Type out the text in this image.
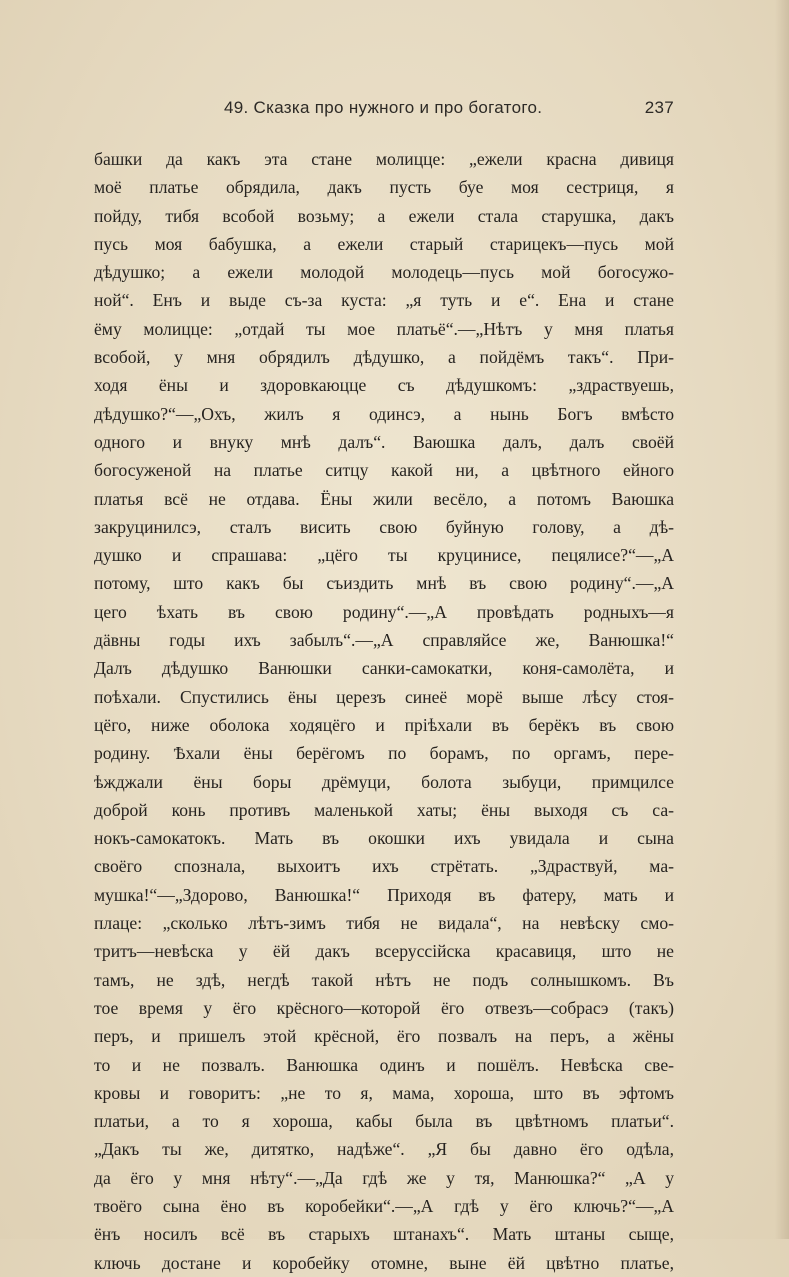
49. Сказка про нужного и про богатого.	237
башки да какъ эта стане молицце: „ежели красна дивиця
моё платье обрядила, дакъ пусть буе моя сестриця, я
пойду, тибя всобой возьму; а ежели стала старушка, дакъ
пусь моя бабушка, а ежели старый старицекъ—пусь мой
дѣдушко; а ежели молодой молодець—пусь мой богосужо-
ной“. Енъ и выде съ-за куста: „я туть и е“. Ена и стане
ёму молицце: „отдай ты мое платьё“.—„Нѣтъ у мня платья
всобой, у мня обрядилъ дѣдушко, а пойдёмъ такъ“. При-
ходя ёны и здоровкаюцце съ дѣдушкомъ: „здраствуешь,
дѣдушко?“—„Охъ, жилъ я одинсэ, а нынь Богъ вмѣсто
одного и внуку мнѣ далъ“. Ваюшка далъ, далъ своёй
богосуженой на платье ситцу какой ни, а цвѣтного ейного
платья всё не отдава. Ёны жили весёло, а потомъ Ваюшка
закруцинилсэ, сталъ висить свою буйную голову, а дѣ-
душко и спрашава: „цёго ты круцинисе, пецялисе?“—„А
потому, што какъ бы съиздить мнѣ въ свою родину“.—„А
цего ѣхать въ свою родину“.—„А провѣдать родныхъ—я
дäвны годы ихъ забылъ“.—„А справляйсе же, Ванюшка!“
Далъ дѣдушко Ванюшки санки-самокатки, коня-самолёта, и
поѣхали. Спустились ёны церезъ синеё морё выше лѣсу стоя-
цёго, ниже оболока ходяцёго и пріѣхали въ берёкъ въ свою
родину. Ѣхали ёны берёгомъ по борамъ, по оргамъ, пере-
ѣжджали ёны боры дрёмуци, болота зыбуци, примцилсе
доброй конь противъ маленькой хаты; ёны выходя съ са-
нокъ-самокатокъ. Мать въ окошки ихъ увидала и сына
своёго спознала, выхоитъ ихъ стрётать. „Здраствуй, ма-
мушка!“—„Здорово, Ванюшка!“ Приходя въ фатеру, мать и
плаце: „сколько лѣтъ-зимъ тибя не видала“, на невѣску смо-
тритъ—невѣска у ёй дакъ всеруссійска красавиця, што не
тамъ, не здѣ, негдѣ такой нѣтъ не подъ солнышкомъ. Въ
тое время у ёго крёсного—которой ёго отвезъ—собрасэ (такъ)
перъ, и пришелъ этой крёсной, ёго позвалъ на перъ, а жёны
то и не позвалъ. Ванюшка одинъ и пошёлъ. Невѣска све-
кровы и говоритъ: „не то я, мама, хороша, што въ эфтомъ
платьи, а то я хороша, кабы была въ цвѣтномъ платьи“.
„Дакъ ты же, дитятко, надѣже“. „Я бы давно ёго одѣла,
да ёго у мня нѣту“.—„Да гдѣ же у тя, Манюшка?“ „А у
твоёго сына ёно въ коробейки“.—„А гдѣ у ёго ключь?“—„А
ёнъ носилъ всё въ старыхъ штанахъ“. Мать штаны сыще,
ключь достане и коробейку отомне, выне ёй цвѣтно платье,
